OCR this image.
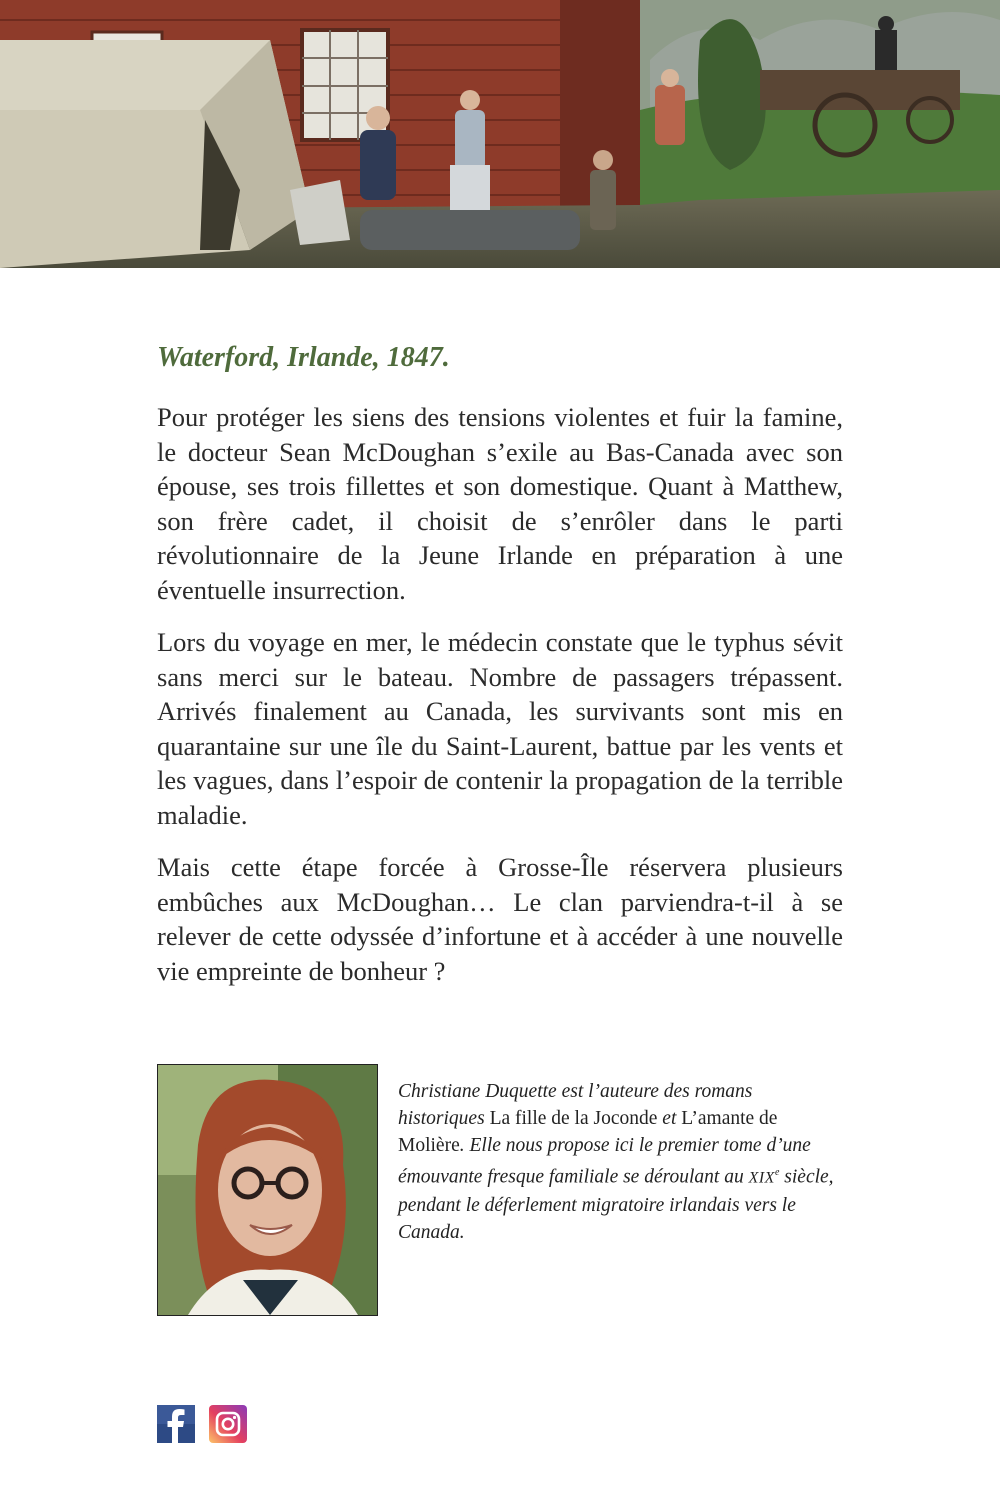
Waterford, Irlande, 1847.

Pour protéger les siens des tensions violentes et fuir la famine, le docteur Sean McDoughan s’exile au Bas-Canada avec son épouse, ses trois fillettes et son domestique. Quant à Matthew, son frère cadet, il choisit de s’enrôler dans le parti révolutionnaire de la Jeune Irlande en préparation à une éventuelle insurrection.

Lors du voyage en mer, le médecin constate que le typhus sévit sans merci sur le bateau. Nombre de passagers trépassent. Arrivés finalement au Canada, les survivants sont mis en quarantaine sur une île du Saint-Laurent, battue par les vents et les vagues, dans l’espoir de contenir la propagation de la terrible maladie.

Mais cette étape forcée à Grosse-Île réservera plusieurs embûches aux McDoughan… Le clan parviendra-t-il à se relever de cette odyssée d’infortune et à accéder à une nouvelle vie empreinte de bonheur ?

Christiane Duquette est l’auteure des romans historiques La fille de la Joconde et L’amante de Molière. Elle nous propose ici le premier tome d’une émouvante fresque familiale se déroulant au XIXe siècle, pendant le déferlement migratoire irlandais vers le Canada.
